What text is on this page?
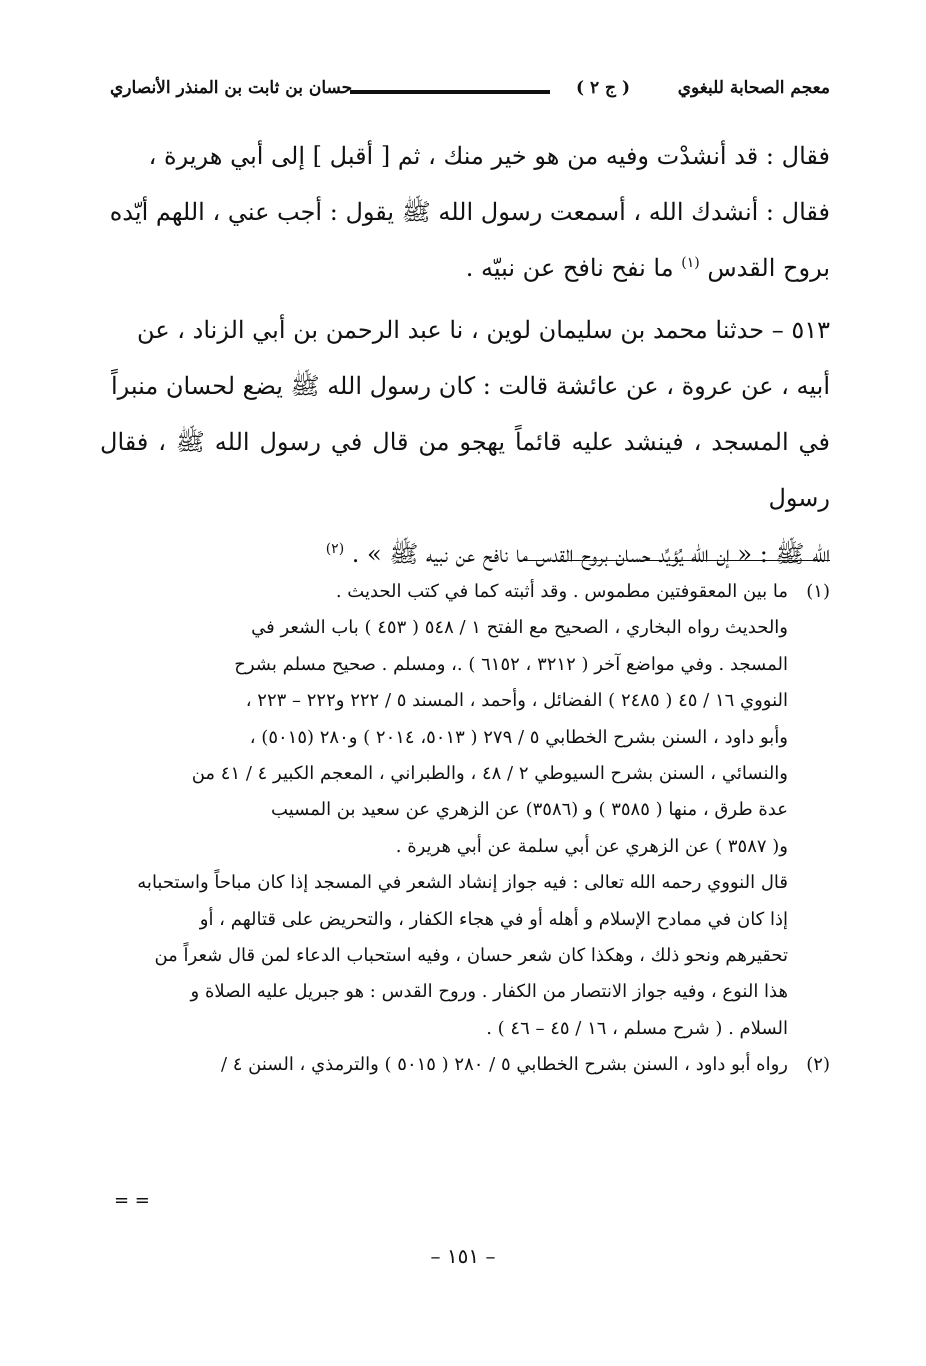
معجم الصحابة للبغوي
( ج ٢ )
حسان بن ثابت بن المنذر الأنصاري

فقال : قد أنشدْت وفيه من هو خير منك ، ثم [ أقبل ] إلى أبي هريرة ،

فقال : أنشدك الله ، أسمعت رسول الله ﷺ يقول : أجب عني ، اللهم أيّده

بروح القدس $^{(١)}$ ما نفح نافح عن نبيّه .

٥١٣ – حدثنا محمد بن سليمان لوين ، نا عبد الرحمن بن أبي الزناد ، عن

أبيه ، عن عروة ، عن عائشة قالت : كان رسول الله ﷺ يضع لحسان منبراً

في المسجد ، فينشد عليه قائماً يهجو من قال في رسول الله ﷺ ، فقال رسول

الله ﷺ : « إن الله يُؤيِّد حسان بروح القدس ما نافح عن نبيه ﷺ » . $^{(٢)}$

(١)

ما بين المعقوفتين مطموس . وقد أثبته كما في كتب الحديث .

والحديث رواه البخاري ، الصحيح مع الفتح ١ / ٥٤٨ ( ٤٥٣ ) باب الشعر في

المسجد . وفي مواضع آخر ( ٣٢١٢ ، ٦١٥٢ ) .، ومسلم . صحيح مسلم بشرح

النووي ١٦ / ٤٥ ( ٢٤٨٥ ) الفضائل ، وأحمد ، المسند ٥ / ٢٢٢ و٢٢٢ – ٢٢٣ ،

وأبو داود ، السنن بشرح الخطابي ٥ / ٢٧٩ ( ٥٠١٣، ٢٠١٤ ) و٢٨٠ (٥٠١٥) ،

والنسائي ، السنن بشرح السيوطي ٢ / ٤٨ ، والطبراني ، المعجم الكبير ٤ / ٤١ من

عدة طرق ، منها ( ٣٥٨٥ ) و (٣٥٨٦) عن الزهري عن سعيد بن المسيب

و( ٣٥٨٧ ) عن الزهري عن أبي سلمة عن أبي هريرة .

قال النووي رحمه الله تعالى : فيه جواز إنشاد الشعر في المسجد إذا كان مباحاً واستحبابه

إذا كان في ممادح الإسلام و أهله أو في هجاء الكفار ، والتحريض على قتالهم ، أو

تحقيرهم ونحو ذلك ، وهكذا كان شعر حسان ، وفيه استحباب الدعاء لمن قال شعراً من

هذا النوع ، وفيه جواز الانتصار من الكفار . وروح القدس : هو جبريل عليه الصلاة و

السلام . ( شرح مسلم ، ١٦ / ٤٥ – ٤٦ ) .

(٢)

رواه أبو داود ، السنن بشرح الخطابي ٥ / ٢٨٠ ( ٥٠١٥ ) والترمذي ، السنن ٤ /

= =
– ١٥١ –
